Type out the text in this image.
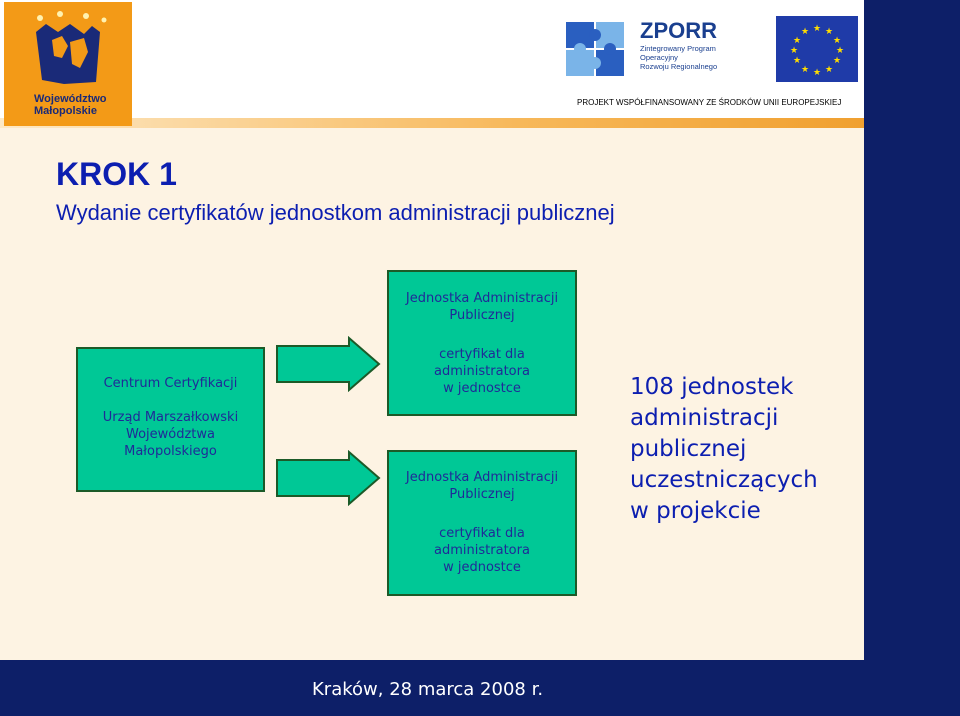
Województwo
Małopolskie
ZPORR
Zintegrowany Program
Operacyjny
Rozwoju Regionalnego
★ ★
★
★
★
★
★
★
★
★
★
★
PROJEKT WSPÓŁFINANSOWANY ZE ŚRODKÓW UNII EUROPEJSKIEJ
KROK 1
Wydanie certyfikatów jednostkom administracji publicznej
Centrum Certyfikacji
Urząd Marszałkowski
Województwa
Małopolskiego
Jednostka Administracji
Publicznej
certyfikat dla
administratora
w jednostce
Jednostka Administracji
Publicznej
certyfikat dla
administratora
w jednostce
108 jednostek
administracji
publicznej
uczestniczących
w projekcie
Kraków, 28 marca 2008 r.
